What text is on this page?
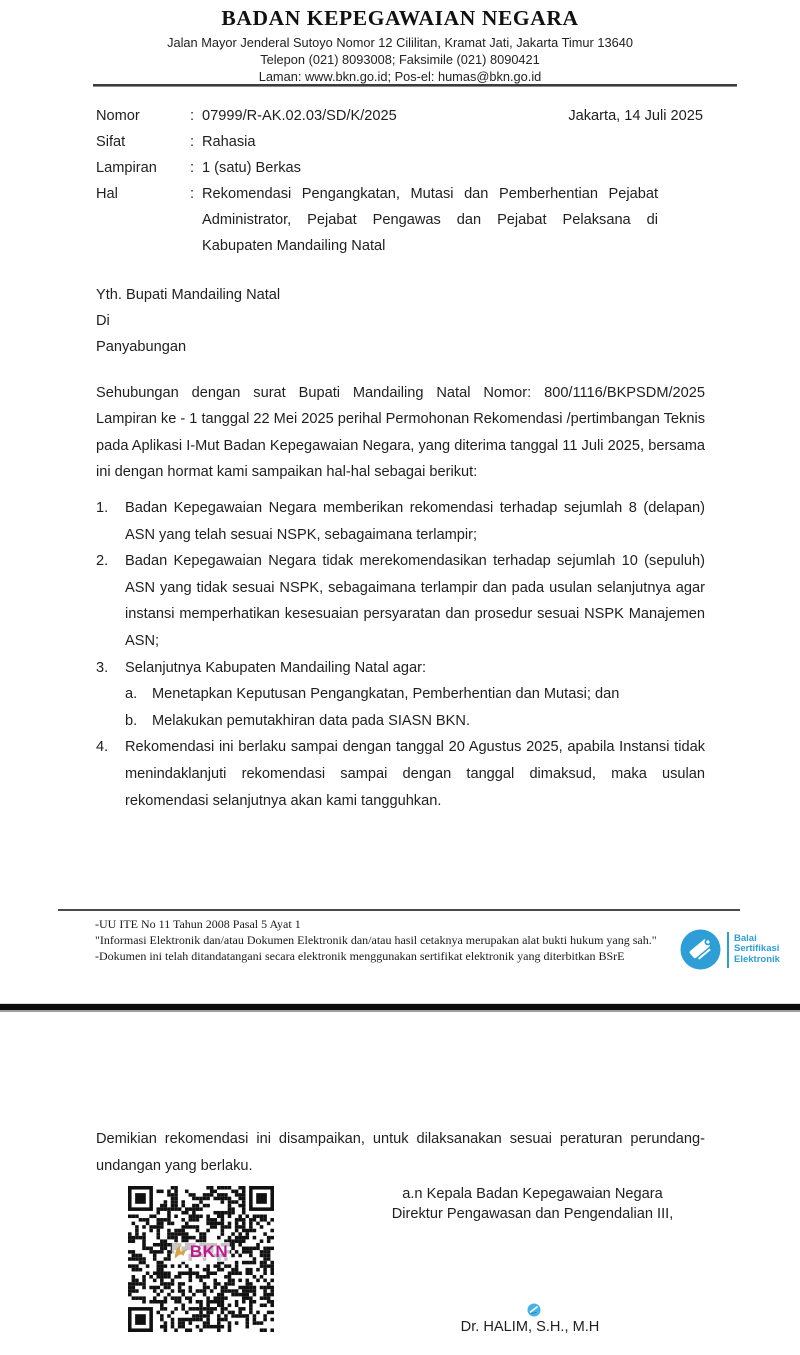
BADAN KEPEGAWAIAN NEGARA
Jalan Mayor Jenderal Sutoyo Nomor 12 Cililitan, Kramat Jati, Jakarta Timur 13640
Telepon (021) 8093008; Faksimile (021) 8090421
Laman: www.bkn.go.id; Pos-el: humas@bkn.go.id
Nomor	: 07999/R-AK.02.03/SD/K/2025
Sifat	: Rahasia
Lampiran	: 1 (satu) Berkas
Hal	: Rekomendasi Pengangkatan, Mutasi dan Pemberhentian Pejabat Administrator, Pejabat Pengawas dan Pejabat Pelaksana di Kabupaten Mandailing Natal
Jakarta, 14 Juli 2025
Yth. Bupati Mandailing Natal
Di
Panyabungan
Sehubungan dengan surat Bupati Mandailing Natal Nomor: 800/1116/BKPSDM/2025 Lampiran ke - 1 tanggal 22 Mei 2025 perihal Permohonan Rekomendasi /pertimbangan Teknis pada Aplikasi I-Mut Badan Kepegawaian Negara, yang diterima tanggal 11 Juli 2025, bersama ini dengan hormat kami sampaikan hal-hal sebagai berikut:
1.	Badan Kepegawaian Negara memberikan rekomendasi terhadap sejumlah 8 (delapan) ASN yang telah sesuai NSPK, sebagaimana terlampir;
2.	Badan Kepegawaian Negara tidak merekomendasikan terhadap sejumlah 10 (sepuluh) ASN yang tidak sesuai NSPK, sebagaimana terlampir dan pada usulan selanjutnya agar instansi memperhatikan kesesuaian persyaratan dan prosedur sesuai NSPK Manajemen ASN;
3.	Selanjutnya Kabupaten Mandailing Natal agar:
a.	Menetapkan Keputusan Pengangkatan, Pemberhentian dan Mutasi; dan
b.	Melakukan pemutakhiran data pada SIASN BKN.
4.	Rekomendasi ini berlaku sampai dengan tanggal 20 Agustus 2025, apabila Instansi tidak menindaklanjuti rekomendasi sampai dengan tanggal dimaksud, maka usulan rekomendasi selanjutnya akan kami tangguhkan.
-UU ITE No 11 Tahun 2008 Pasal 5 Ayat 1
"Informasi Elektronik dan/atau Dokumen Elektronik dan/atau hasil cetaknya merupakan alat bukti hukum yang sah."
-Dokumen ini telah ditandatangani secara elektronik menggunakan sertifikat elektronik yang diterbitkan BSrE
Balai
Sertifikasi
Elektronik
Demikian rekomendasi ini disampaikan, untuk dilaksanakan sesuai peraturan perundang-undangan yang berlaku.
BKN
a.n Kepala Badan Kepegawaian Negara
Direktur Pengawasan dan Pengendalian III,
Dr. HALIM, S.H., M.H
